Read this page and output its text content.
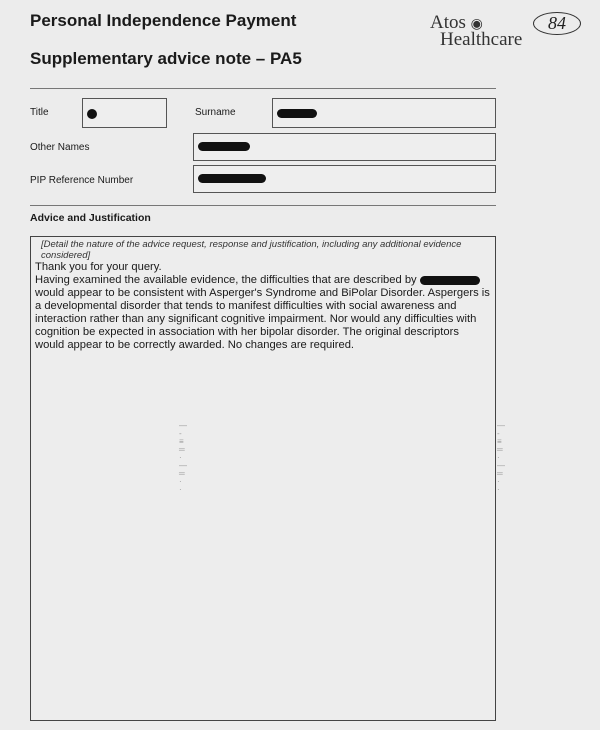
Personal Independence Payment
Supplementary advice note – PA5
Atos ◉
Healthcare
84
Title	Surname
Other Names
PIP Reference Number
Advice and Justification
[Detail the nature of the advice request, response and justification, including any additional evidence considered]
Thank you for your query.
Having examined the available evidence, the difficulties that are described by  would appear to be consistent with Asperger's Syndrome and BiPolar Disorder. Aspergers is a developmental disorder that tends to manifest difficulties with social awareness and interaction rather than any significant cognitive impairment. Nor would any difficulties with cognition be expected in association with her bipolar disorder. The original descriptors would appear to be correctly awarded. No changes are required.
—
-
≡
═
·
—
═
·
·
—
-
≡
═
·
—
═
·
·
